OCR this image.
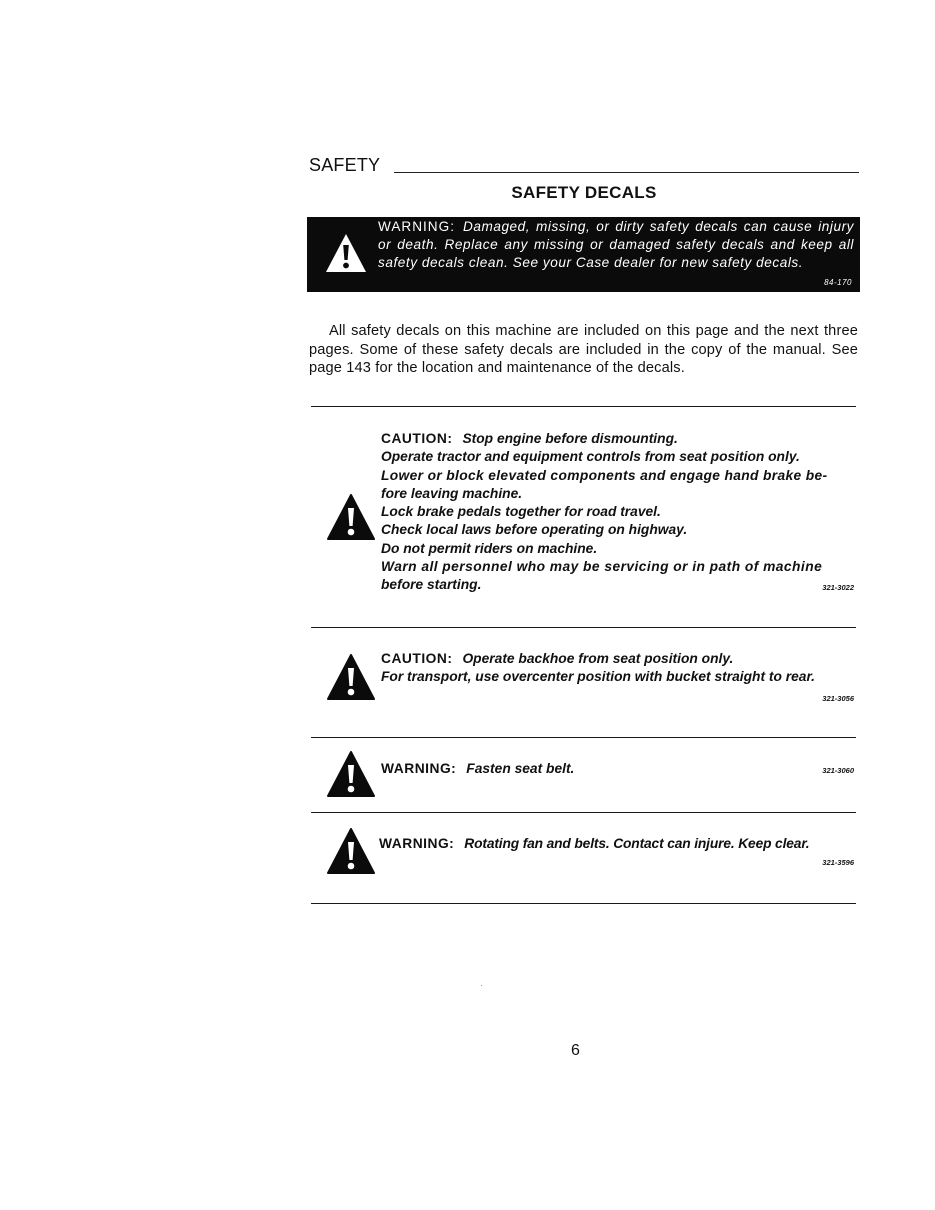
SAFETY
SAFETY DECALS
WARNING: Damaged, missing, or dirty safety decals can cause injury or death. Replace any missing or damaged safety decals and keep all safety decals clean. See your Case dealer for new safety decals.
84-170
All safety decals on this machine are included on this page and the next three pages. Some of these safety decals are included in the copy of the manual. See page 143 for the location and maintenance of the decals.
CAUTION: Stop engine before dismounting.
Operate tractor and equipment controls from seat position only.
Lower or block elevated components and engage hand brake be-
fore leaving machine.
Lock brake pedals together for road travel.
Check local laws before operating on highway.
Do not permit riders on machine.
Warn all personnel who may be servicing or in path of machine
before starting.	321-3022
CAUTION: Operate backhoe from seat position only.
For transport, use overcenter position with bucket straight to rear.
321-3056
WARNING: Fasten seat belt.	321-3060
WARNING: Rotating fan and belts. Contact can injure. Keep clear.
321-3596
6
